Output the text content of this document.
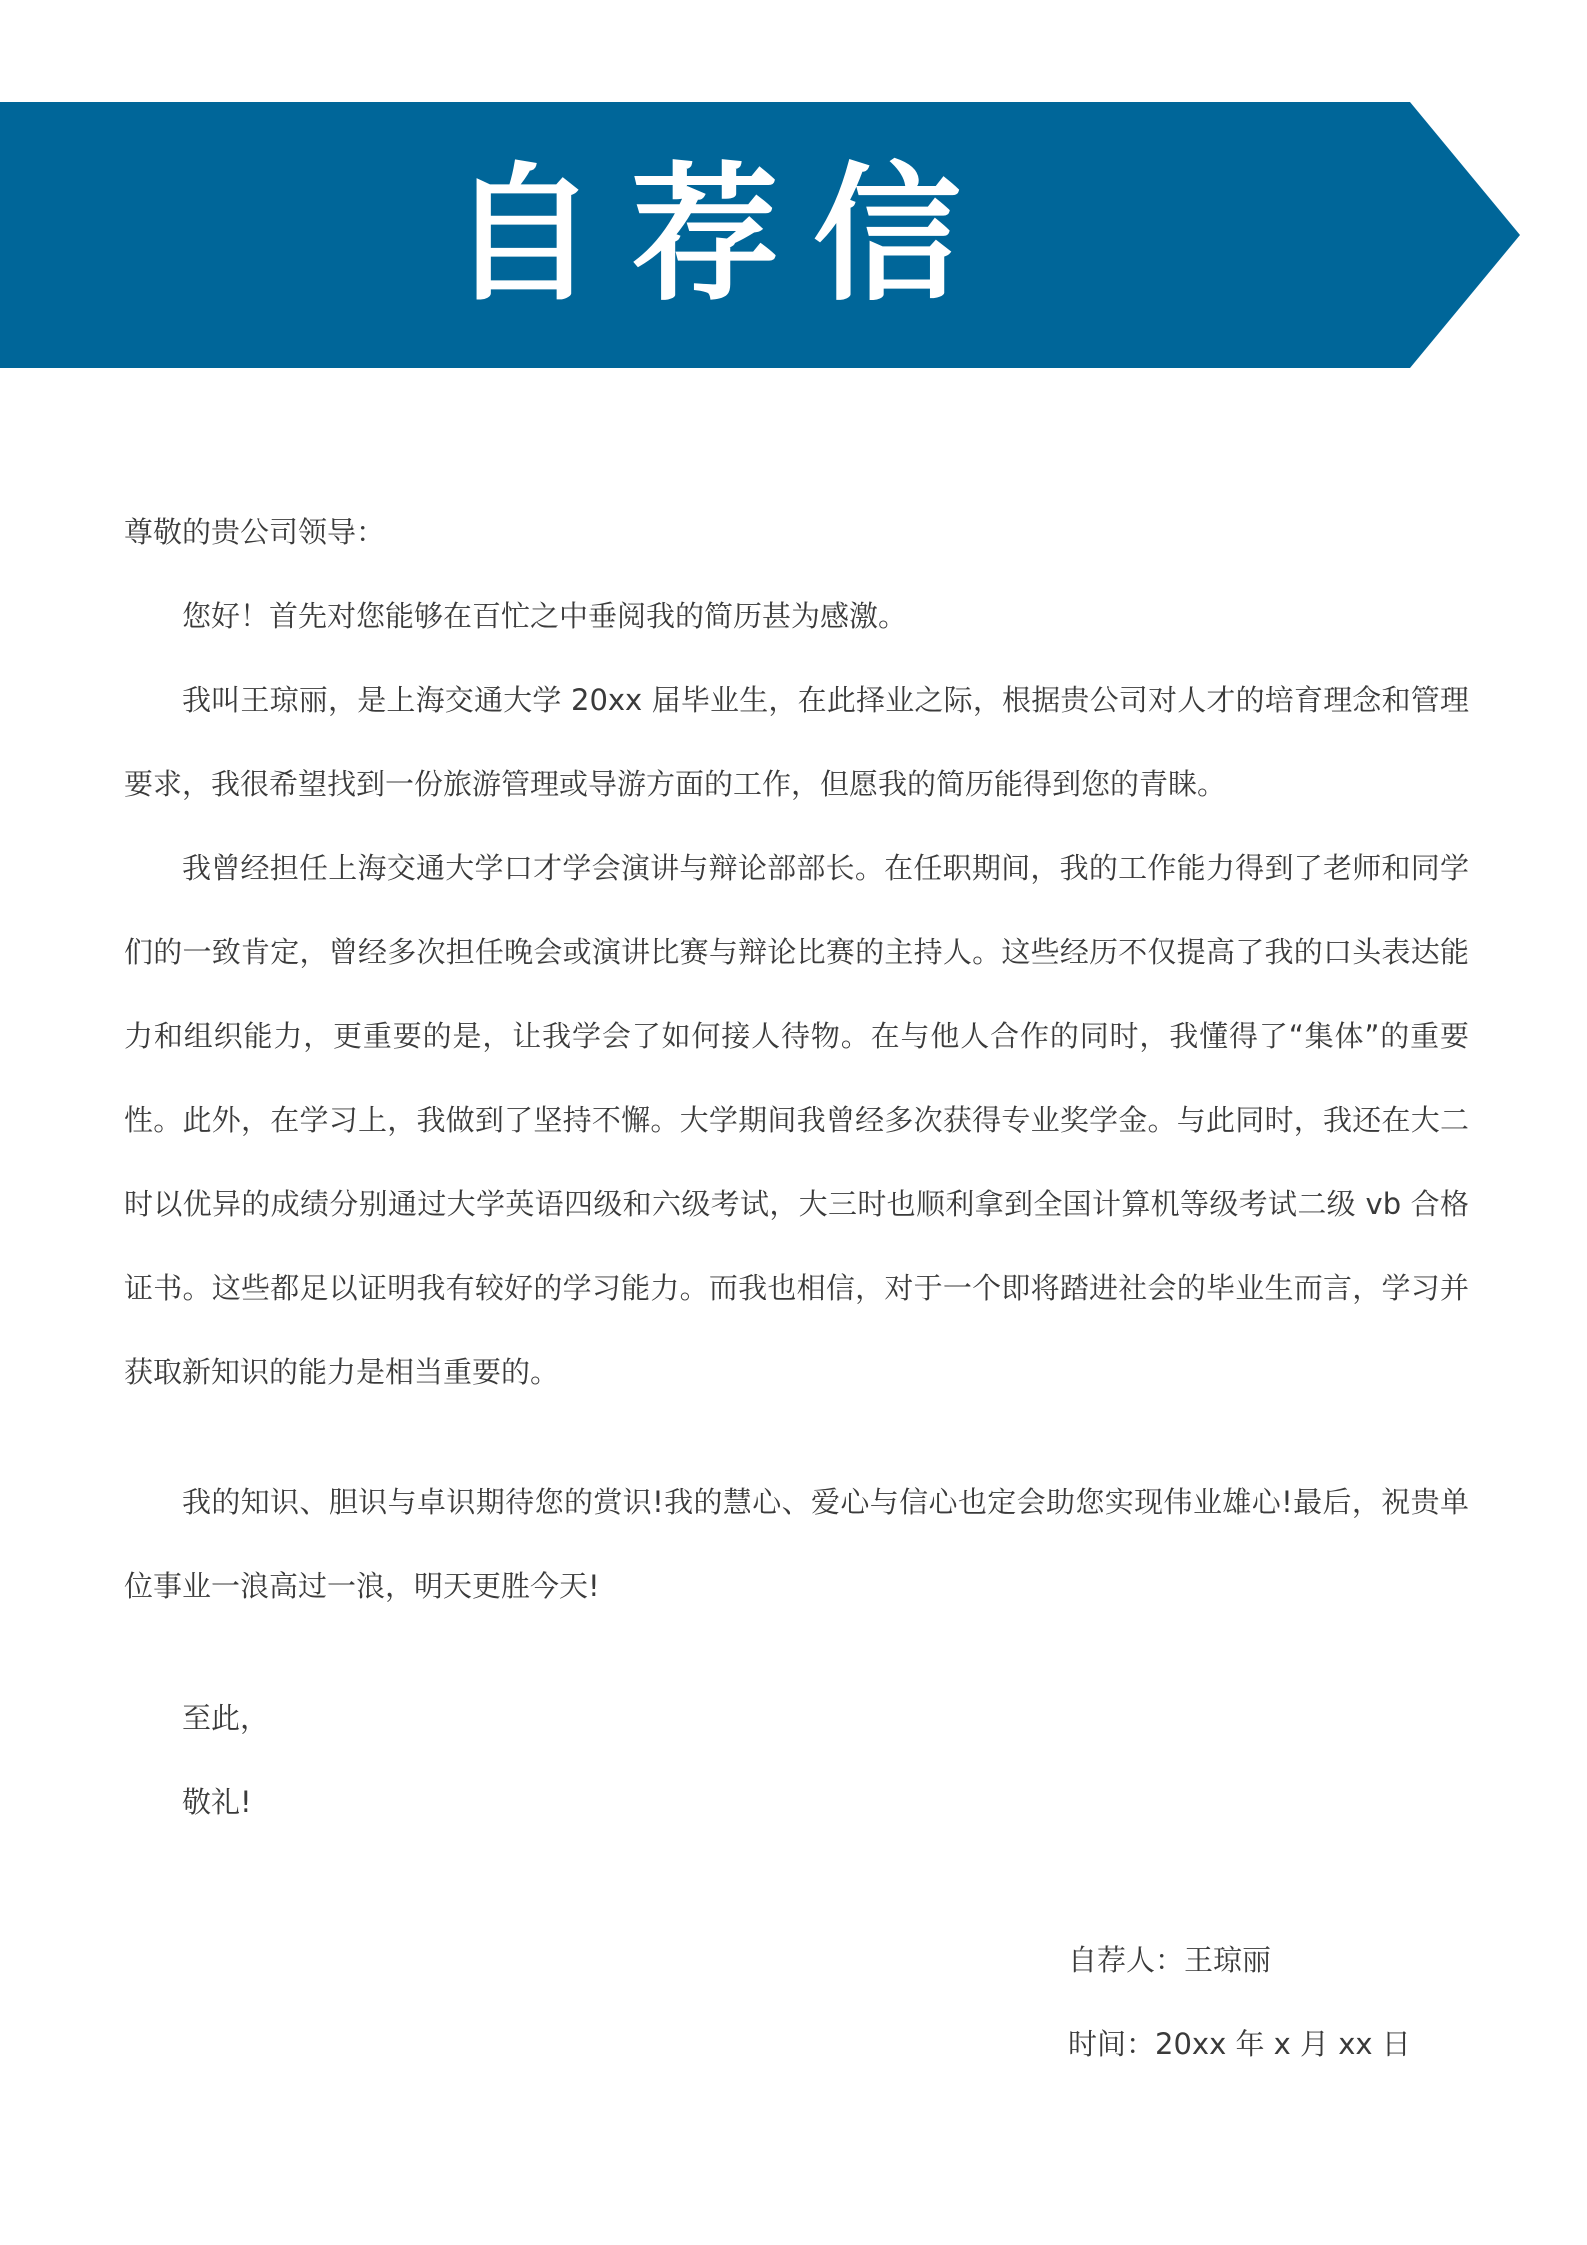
自荐信

尊敬的贵公司领导：

您好！首先对您能够在百忙之中垂阅我的简历甚为感激。

我叫王琼丽，是上海交通大学 20xx 届毕业生，在此择业之际，根据贵公司对人才的培育理念和管理要求，我很希望找到一份旅游管理或导游方面的工作，但愿我的简历能得到您的青睐。

我曾经担任上海交通大学口才学会演讲与辩论部部长。在任职期间，我的工作能力得到了老师和同学们的一致肯定，曾经多次担任晚会或演讲比赛与辩论比赛的主持人。这些经历不仅提高了我的口头表达能力和组织能力，更重要的是，让我学会了如何接人待物。在与他人合作的同时，我懂得了“集体”的重要性。此外，在学习上，我做到了坚持不懈。大学期间我曾经多次获得专业奖学金。与此同时，我还在大二时以优异的成绩分别通过大学英语四级和六级考试，大三时也顺利拿到全国计算机等级考试二级 vb 合格证书。这些都足以证明我有较好的学习能力。而我也相信，对于一个即将踏进社会的毕业生而言，学习并获取新知识的能力是相当重要的。

我的知识、胆识与卓识期待您的赏识!我的慧心、爱心与信心也定会助您实现伟业雄心!最后，祝贵单位事业一浪高过一浪，明天更胜今天!

至此，

敬礼!

自荐人：王琼丽

时间：20xx 年 x 月 xx 日
